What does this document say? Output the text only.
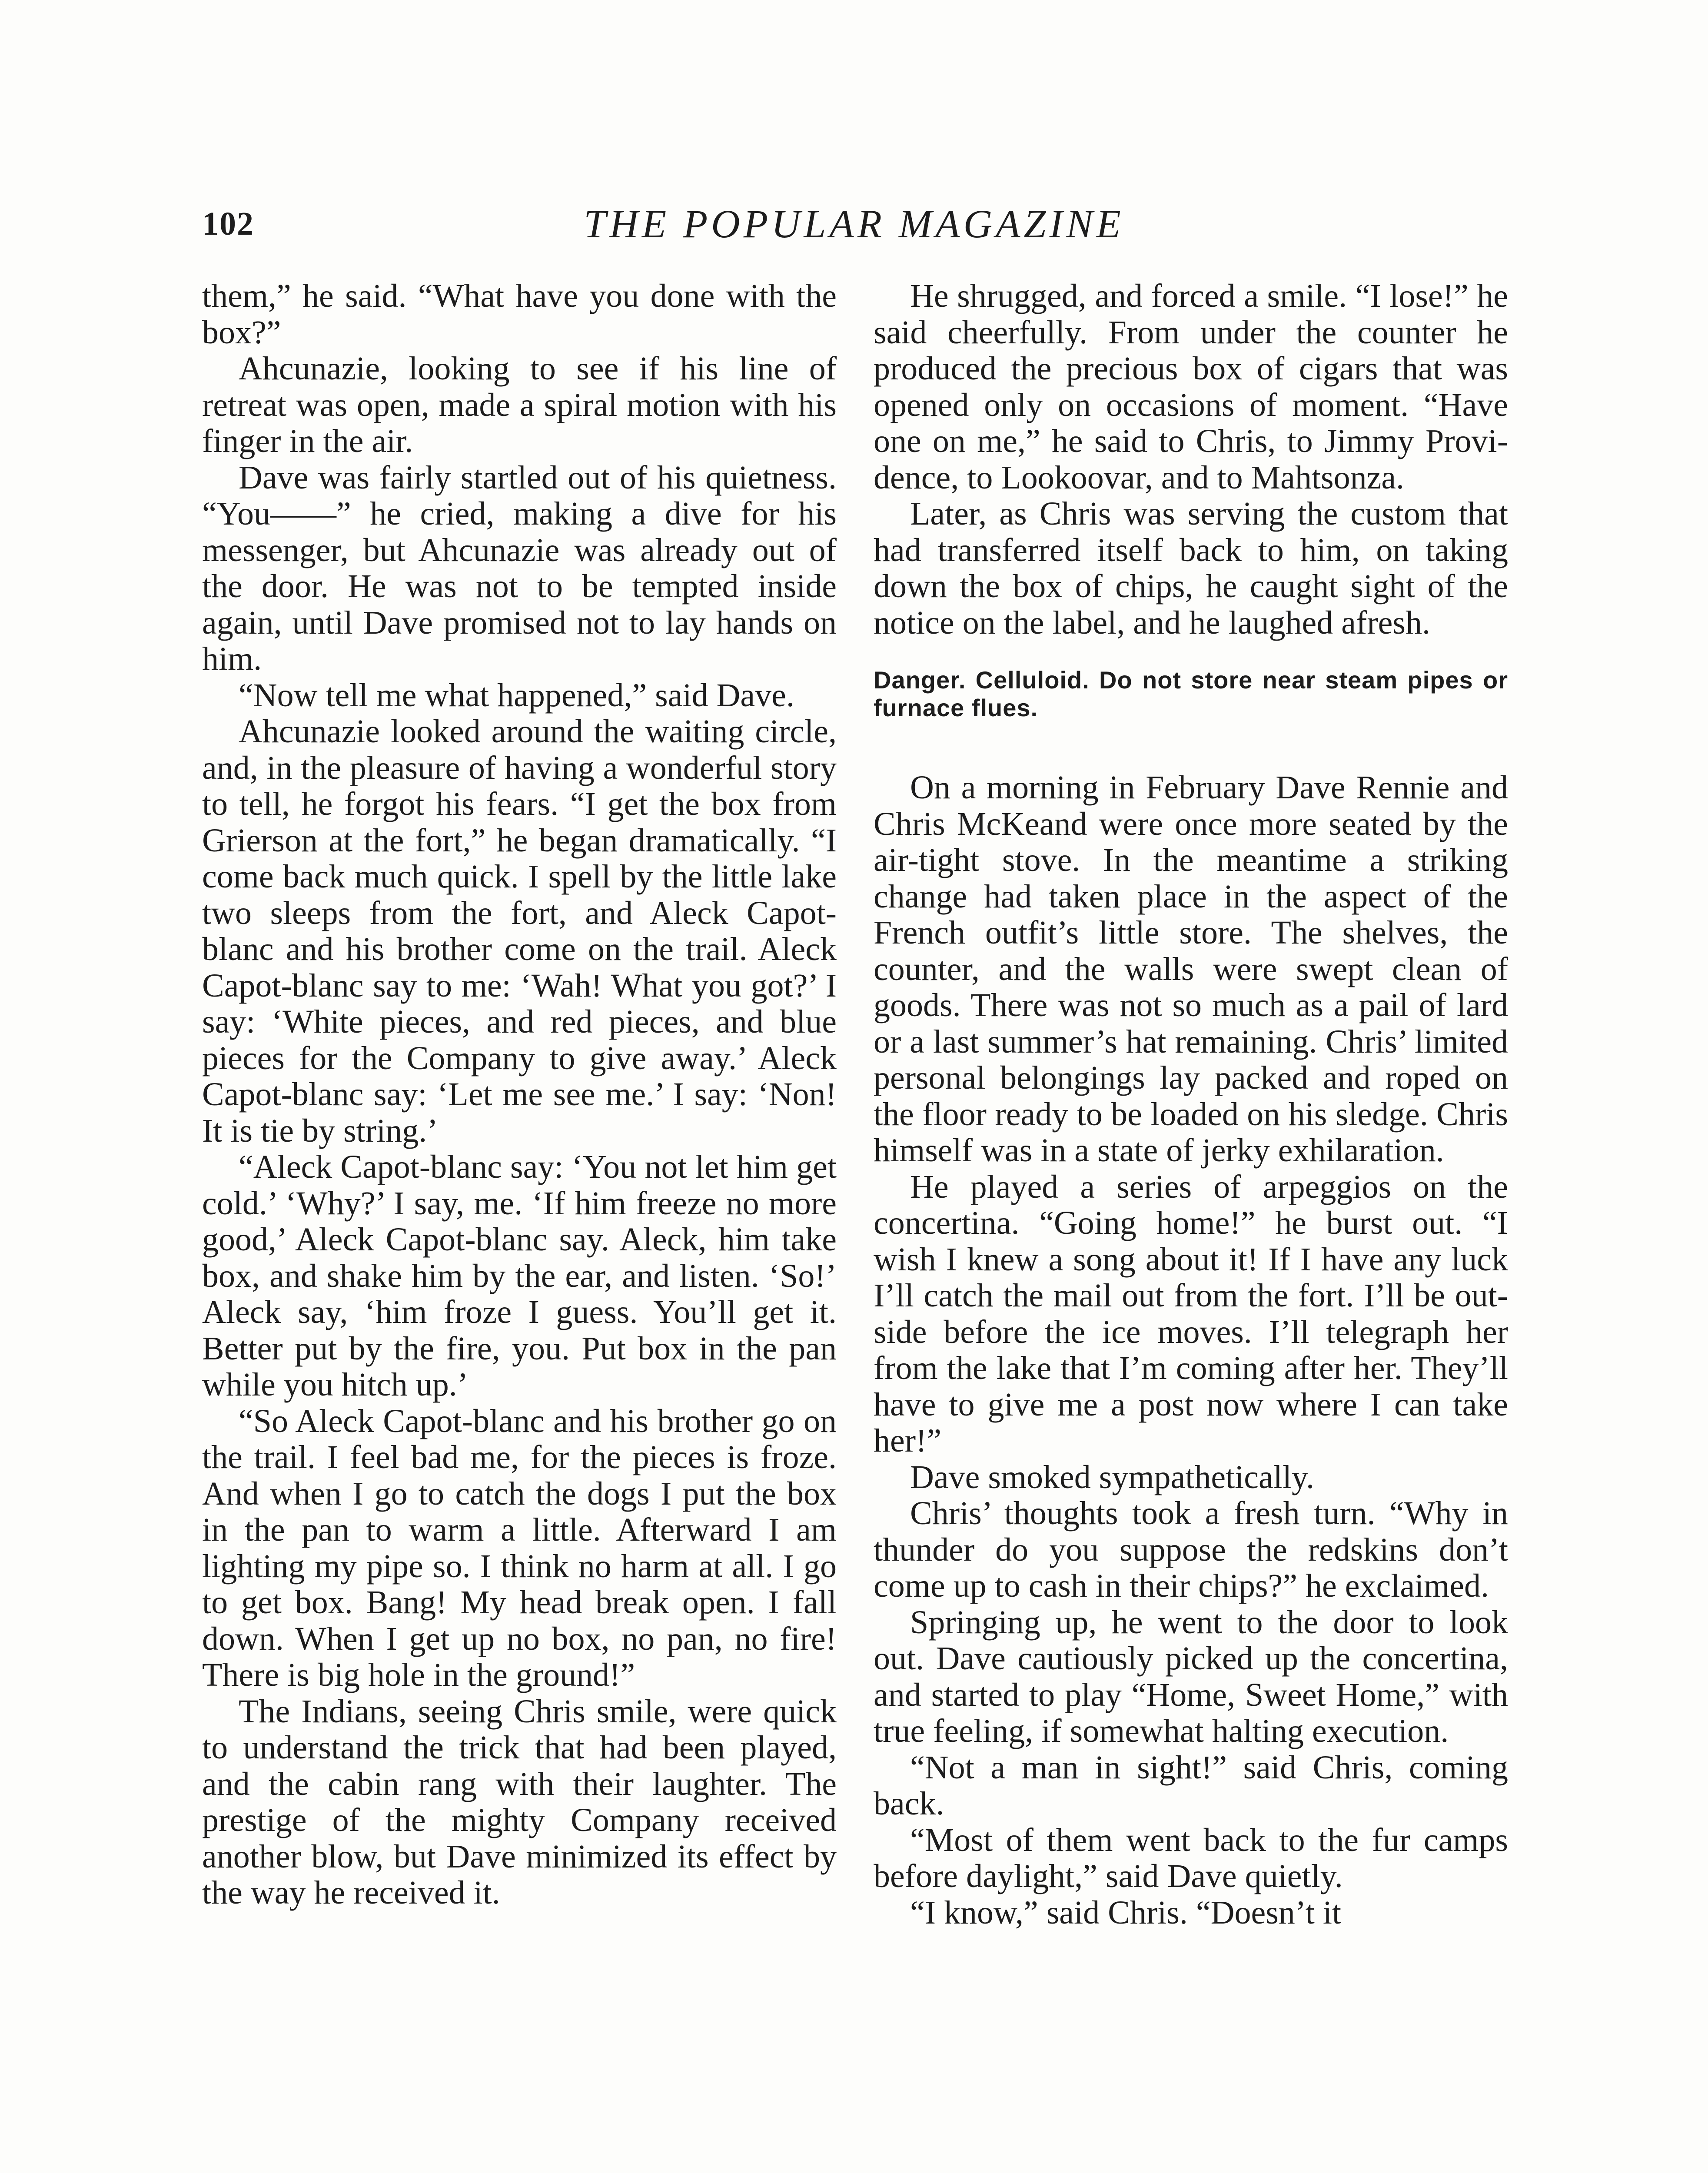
102	THE POPULAR MAGAZINE

them,” he said. “What have you done with the box?”

Ahcunazie, looking to see if his line of retreat was open, made a spiral motion with his finger in the air.

Dave was fairly startled out of his quietness. “You——” he cried, making a dive for his messenger, but Ahcunazie was already out of the door. He was not to be tempted inside again, until Dave promised not to lay hands on him.

“Now tell me what happened,” said Dave.

Ahcunazie looked around the waiting circle, and, in the pleasure of having a wonderful story to tell, he forgot his fears. “I get the box from Grierson at the fort,” he began dramatically. “I come back much quick. I spell by the little lake two sleeps from the fort, and Aleck Capot-blanc and his brother come on the trail. Aleck Capot-blanc say to me: ‘Wah! What you got?’ I say: ‘White pieces, and red pieces, and blue pieces for the Company to give away.’ Aleck Capot-blanc say: ‘Let me see me.’ I say: ‘Non! It is tie by string.’

“Aleck Capot-blanc say: ‘You not let him get cold.’ ‘Why?’ I say, me. ‘If him freeze no more good,’ Aleck Capot-blanc say. Aleck, him take box, and shake him by the ear, and listen. ‘So!’ Aleck say, ‘him froze I guess. You’ll get it. Better put by the fire, you. Put box in the pan while you hitch up.’

“So Aleck Capot-blanc and his brother go on the trail. I feel bad me, for the pieces is froze. And when I go to catch the dogs I put the box in the pan to warm a little. Afterward I am lighting my pipe so. I think no harm at all. I go to get box. Bang! My head break open. I fall down. When I get up no box, no pan, no fire! There is big hole in the ground!”

The Indians, seeing Chris smile, were quick to understand the trick that had been played, and the cabin rang with their laughter. The prestige of the mighty Company received another blow, but Dave minimized its effect by the way he received it.

He shrugged, and forced a smile. “I lose!” he said cheerfully. From under the counter he produced the precious box of cigars that was opened only on occasions of moment. “Have one on me,” he said to Chris, to Jimmy Providence, to Lookoovar, and to Mahtsonza.

Later, as Chris was serving the custom that had transferred itself back to him, on taking down the box of chips, he caught sight of the notice on the label, and he laughed afresh.

Danger. Celluloid. Do not store near steam pipes or furnace flues.

On a morning in February Dave Rennie and Chris McKeand were once more seated by the air-tight stove. In the meantime a striking change had taken place in the aspect of the French outfit’s little store. The shelves, the counter, and the walls were swept clean of goods. There was not so much as a pail of lard or a last summer’s hat remaining. Chris’ limited personal belongings lay packed and roped on the floor ready to be loaded on his sledge. Chris himself was in a state of jerky exhilaration.

He played a series of arpeggios on the concertina. “Going home!” he burst out. “I wish I knew a song about it! If I have any luck I’ll catch the mail out from the fort. I’ll be outside before the ice moves. I’ll telegraph her from the lake that I’m coming after her. They’ll have to give me a post now where I can take her!”

Dave smoked sympathetically.

Chris’ thoughts took a fresh turn. “Why in thunder do you suppose the redskins don’t come up to cash in their chips?” he exclaimed.

Springing up, he went to the door to look out. Dave cautiously picked up the concertina, and started to play “Home, Sweet Home,” with true feeling, if somewhat halting execution.

“Not a man in sight!” said Chris, coming back.

“Most of them went back to the fur camps before daylight,” said Dave quietly.

“I know,” said Chris. “Doesn’t it
